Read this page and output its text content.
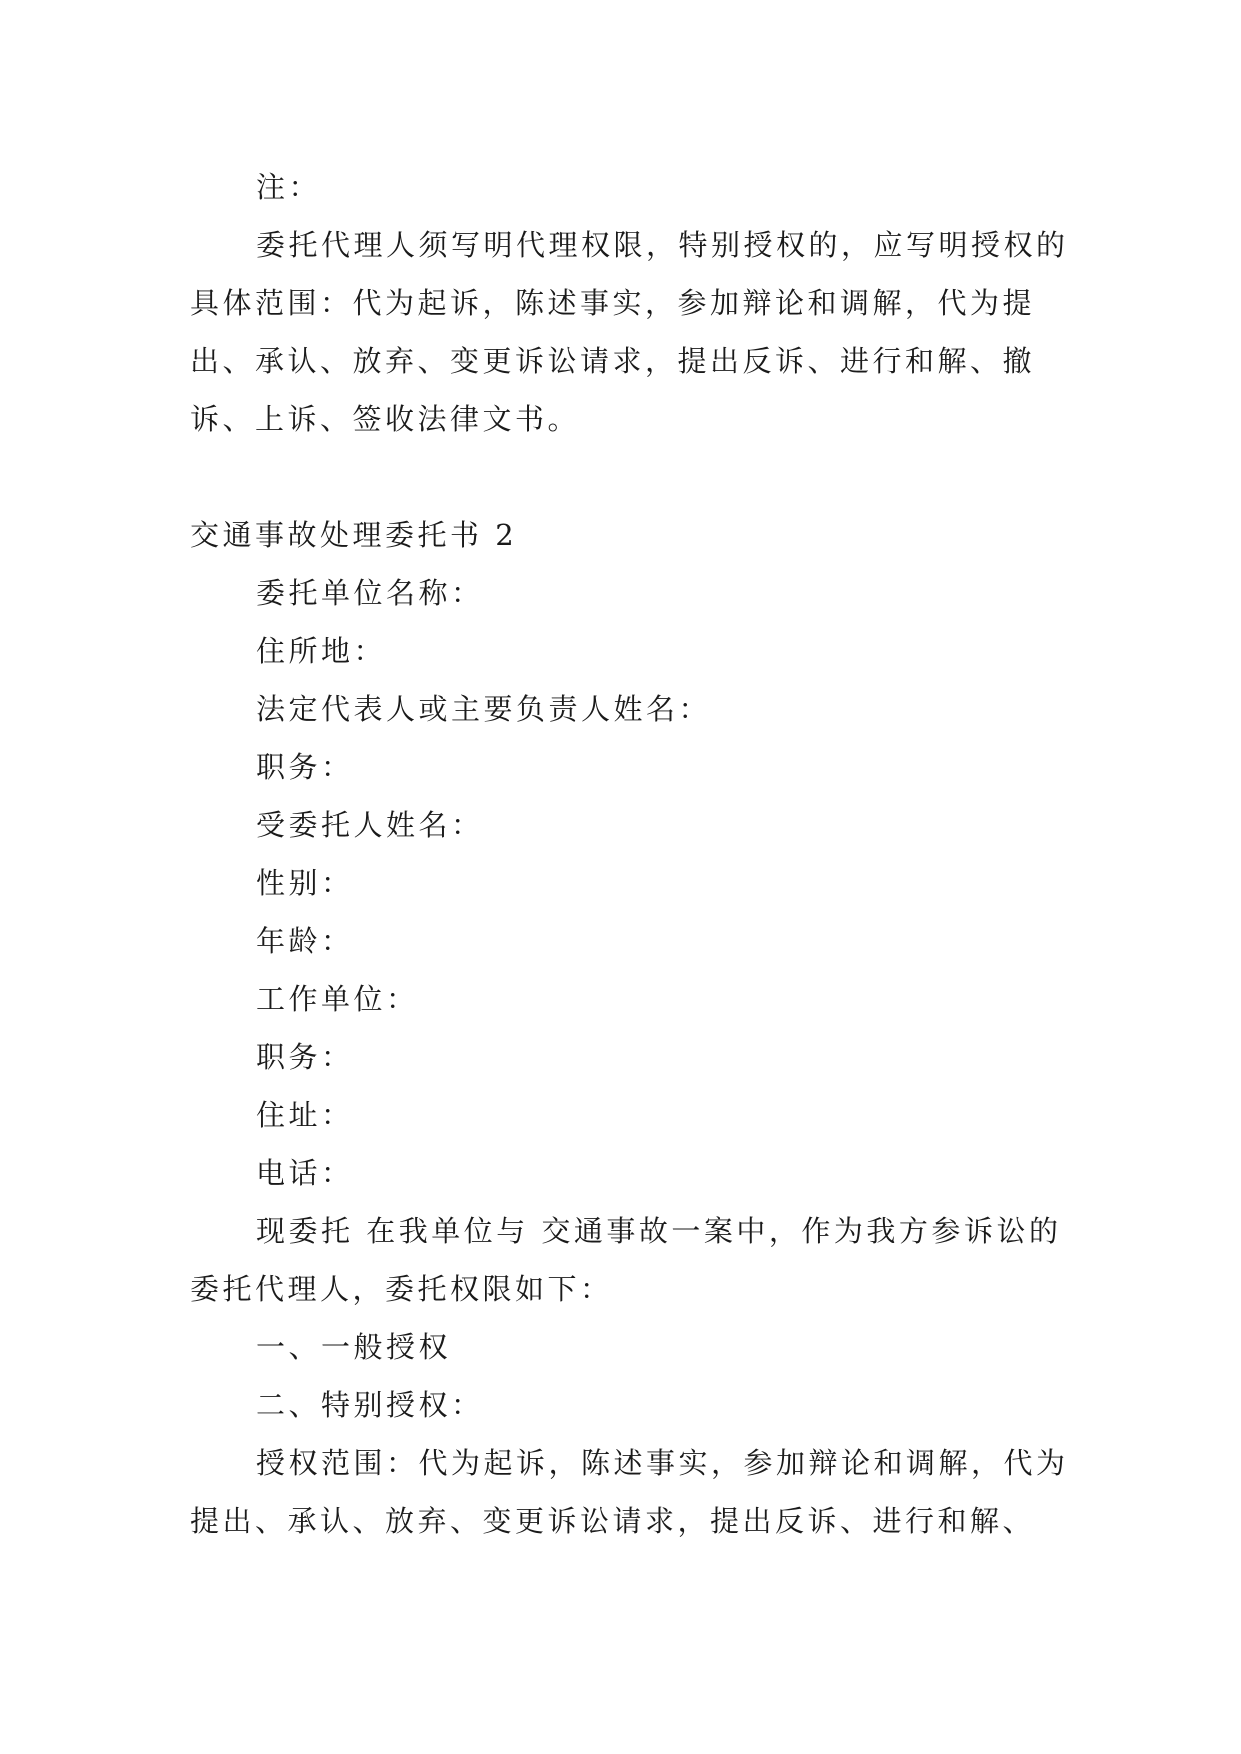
注：

委托代理人须写明代理权限，特别授权的，应写明授权的具体范围：代为起诉，陈述事实，参加辩论和调解，代为提出、承认、放弃、变更诉讼请求，提出反诉、进行和解、撤诉、上诉、签收法律文书。

交通事故处理委托书 2

委托单位名称：

住所地：

法定代表人或主要负责人姓名：

职务：

受委托人姓名：

性别：

年龄：

工作单位：

职务：

住址：

电话：

现委托 在我单位与 交通事故一案中，作为我方参诉讼的委托代理人，委托权限如下：

一、一般授权

二、特别授权：

授权范围：代为起诉，陈述事实，参加辩论和调解，代为提出、承认、放弃、变更诉讼请求，提出反诉、进行和解、
